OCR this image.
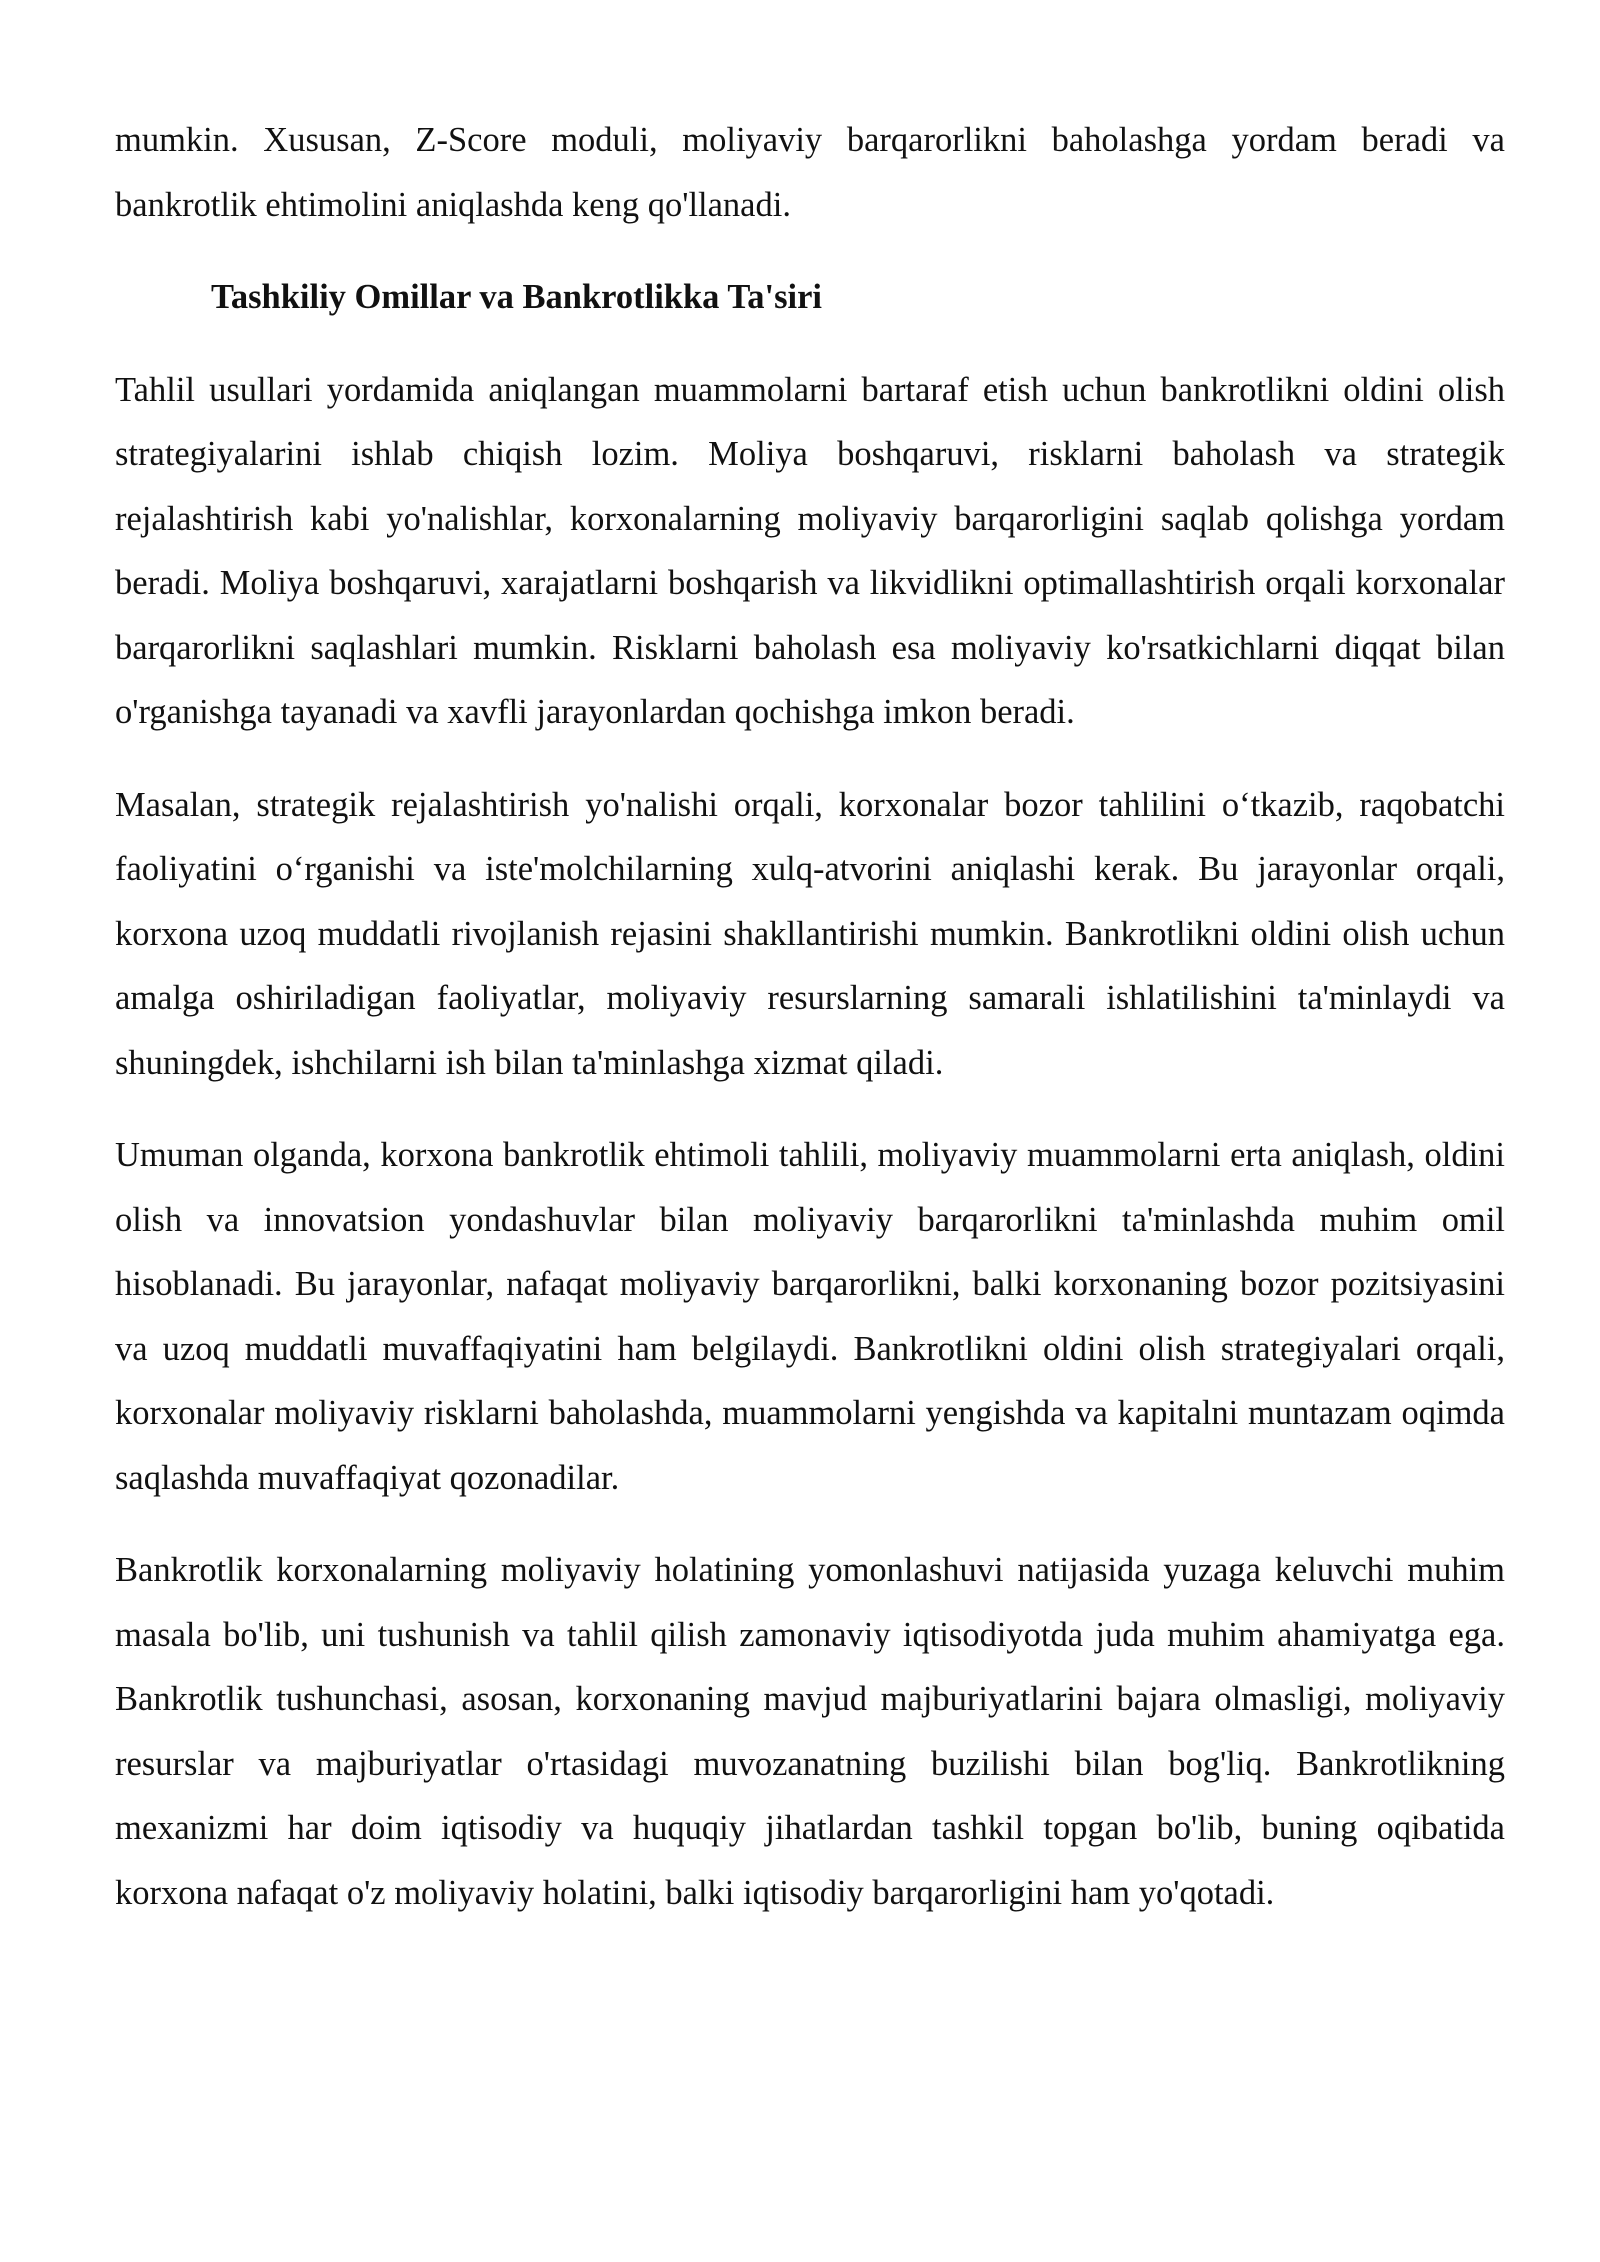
mumkin. Xususan, Z-Score moduli, moliyaviy barqarorlikni baholashga yordam beradi va bankrotlik ehtimolini aniqlashda keng qo'llanadi.

Tashkiliy Omillar va Bankrotlikka Ta'siri

Tahlil usullari yordamida aniqlangan muammolarni bartaraf etish uchun bankrotlikni oldini olish strategiyalarini ishlab chiqish lozim. Moliya boshqaruvi, risklarni baholash va strategik rejalashtirish kabi yo'nalishlar, korxonalarning moliyaviy barqarorligini saqlab qolishga yordam beradi. Moliya boshqaruvi, xarajatlarni boshqarish va likvidlikni optimallashtirish orqali korxonalar barqarorlikni saqlashlari mumkin. Risklarni baholash esa moliyaviy ko'rsatkichlarni diqqat bilan o'rganishga tayanadi va xavfli jarayonlardan qochishga imkon beradi.

Masalan, strategik rejalashtirish yo'nalishi orqali, korxonalar bozor tahlilini o‘tkazib, raqobatchi faoliyatini o‘rganishi va iste'molchilarning xulq-atvorini aniqlashi kerak. Bu jarayonlar orqali, korxona uzoq muddatli rivojlanish rejasini shakllantirishi mumkin. Bankrotlikni oldini olish uchun amalga oshiriladigan faoliyatlar, moliyaviy resurslarning samarali ishlatilishini ta'minlaydi va shuningdek, ishchilarni ish bilan ta'minlashga xizmat qiladi.

Umuman olganda, korxona bankrotlik ehtimoli tahlili, moliyaviy muammolarni erta aniqlash, oldini olish va innovatsion yondashuvlar bilan moliyaviy barqarorlikni ta'minlashda muhim omil hisoblanadi. Bu jarayonlar, nafaqat moliyaviy barqarorlikni, balki korxonaning bozor pozitsiyasini va uzoq muddatli muvaffaqiyatini ham belgilaydi. Bankrotlikni oldini olish strategiyalari orqali, korxonalar moliyaviy risklarni baholashda, muammolarni yengishda va kapitalni muntazam oqimda saqlashda muvaffaqiyat qozonadilar.

Bankrotlik korxonalarning moliyaviy holatining yomonlashuvi natijasida yuzaga keluvchi muhim masala bo'lib, uni tushunish va tahlil qilish zamonaviy iqtisodiyotda juda muhim ahamiyatga ega. Bankrotlik tushunchasi, asosan, korxonaning mavjud majburiyatlarini bajara olmasligi, moliyaviy resurslar va majburiyatlar o'rtasidagi muvozanatning buzilishi bilan bog'liq. Bankrotlikning mexanizmi har doim iqtisodiy va huquqiy jihatlardan tashkil topgan bo'lib, buning oqibatida korxona nafaqat o'z moliyaviy holatini, balki iqtisodiy barqarorligini ham yo'qotadi.
